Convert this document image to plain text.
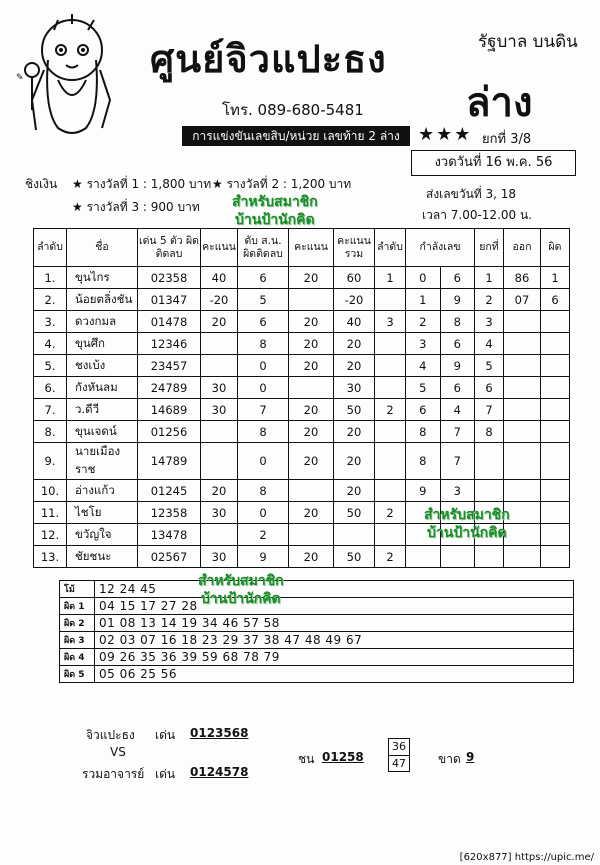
✎	ศูนย์จิวแปะธง	รัฐบาล บนดิน
ล่าง
โทร. 089-680-5481
การแข่งขันเลขสิบ/หน่วย เลขท้าย 2 ล่าง	★★★ ยกที่ 3/8
งวดวันที่ 16 พ.ค. 56
ชิงเงิน ★ รางวัลที่ 1 : 1,800 บาท ★ รางวัลที่ 2 : 1,200 บาท
★ รางวัลที่ 3 : 900 บาท
ส่งเลขวันที่ 3, 18
เวลา 7.00-12.00 น.
สำหรับสมาชิก
บ้านป้านักคิด
ลำดับ	ชื่อ	เด่น 5 ตัว ผิดติดลบ	คะแนน	ดับ ส.น. ผิดติดลบ	คะแนน	คะแนน รวม	ลำดับ	กำลังเลข		ยกที่	ออก	ผิด
1.	ขุนไกร	02358	40	6	20	60	1	0	6	1	86	1
2.	น้อยตลิ่งชัน	01347	-20	5		-20		1	9	2	07	6
3.	ดวงกมล	01478	20	6	20	40	3	2	8	3		
4.	ขุนศึก	12346		8	20	20		3	6	4		
5.	ชงเบ้ง	23457		0	20	20		4	9	5		
6.	กังหันลม	24789	30	0		30		5	6	6		
7.	ว.ดีวี	14689	30	7	20	50	2	6	4	7		
8.	ขุนเจดน์	01256		8	20	20		8	7	8		
9.	นายเมืองราช	14789		0	20	20		8	7			
10.	อ่างแก้ว	01245	20	8		20		9	3			
11.	ไชโย	12358	30	0	20	50	2					
12.	ขวัญใจ	13478		2								
13.	ชัยชนะ	02567	30	9	20	50	2					
สำหรับสมาชิก
บ้านป้านักคิด
โม้	12 24 45
ผิด 1	04 15 17 27 28
ผิด 2	01 08 13 14 19 34 46 57 58
ผิด 3	02 03 07 16 18 23 29 37 38 47 48 49 67
ผิด 4	09 26 35 36 39 59 68 78 79
ผิด 5	05 06 25 56
สำหรับสมาชิก
บ้านป้านักคิด
จิวแปะธง เด่น 0123568
VS
รวมอาจารย์ เด่น 0124578
ชน 01258
36
47	ขาด 9
[620x877] https://upic.me/
